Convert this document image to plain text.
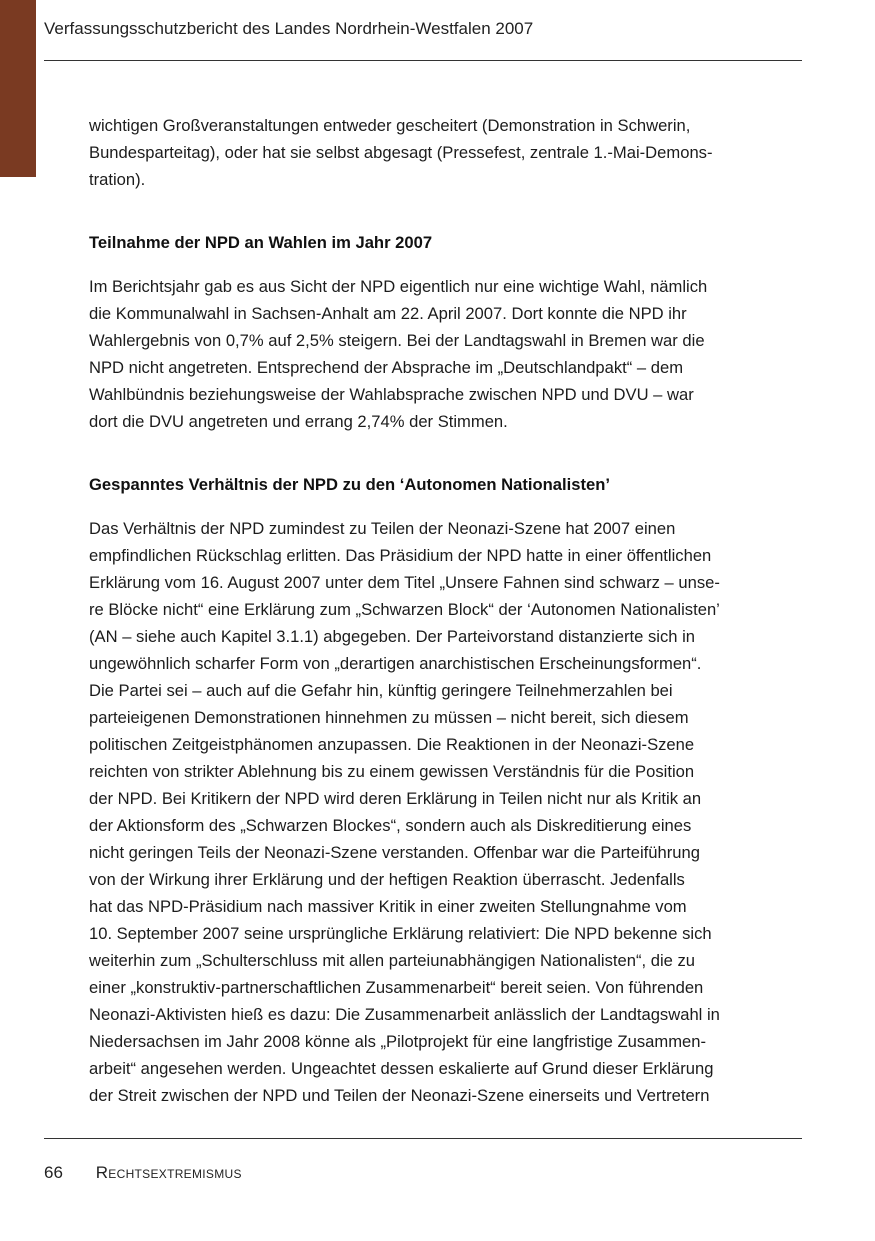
Verfassungsschutzbericht des Landes Nordrhein-Westfalen 2007

wichtigen Großveranstaltungen entweder gescheitert (Demonstration in Schwerin,
Bundesparteitag), oder hat sie selbst abgesagt (Pressefest, zentrale 1.-Mai-Demons-
tration).

Teilnahme der NPD an Wahlen im Jahr 2007

Im Berichtsjahr gab es aus Sicht der NPD eigentlich nur eine wichtige Wahl, nämlich
die Kommunalwahl in Sachsen-Anhalt am 22. April 2007. Dort konnte die NPD ihr
Wahlergebnis von 0,7% auf 2,5% steigern. Bei der Landtagswahl in Bremen war die
NPD nicht angetreten. Entsprechend der Absprache im „Deutschlandpakt“ – dem
Wahlbündnis beziehungsweise der Wahlabsprache zwischen NPD und DVU – war
dort die DVU angetreten und errang 2,74% der Stimmen.

Gespanntes Verhältnis der NPD zu den ‘Autonomen Nationalisten’

Das Verhältnis der NPD zumindest zu Teilen der Neonazi-Szene hat 2007 einen
empfindlichen Rückschlag erlitten. Das Präsidium der NPD hatte in einer öffentlichen
Erklärung vom 16. August 2007 unter dem Titel „Unsere Fahnen sind schwarz – unse-
re Blöcke nicht“ eine Erklärung zum „Schwarzen Block“ der ‘Autonomen Nationalisten’
(AN – siehe auch Kapitel 3.1.1) abgegeben. Der Parteivorstand distanzierte sich in
ungewöhnlich scharfer Form von „derartigen anarchistischen Erscheinungsformen“.
Die Partei sei – auch auf die Gefahr hin, künftig geringere Teilnehmerzahlen bei
parteieigenen Demonstrationen hinnehmen zu müssen – nicht bereit, sich diesem
politischen Zeitgeistphänomen anzupassen. Die Reaktionen in der Neonazi-Szene
reichten von strikter Ablehnung bis zu einem gewissen Verständnis für die Position
der NPD. Bei Kritikern der NPD wird deren Erklärung in Teilen nicht nur als Kritik an
der Aktionsform des „Schwarzen Blockes“, sondern auch als Diskreditierung eines
nicht geringen Teils der Neonazi-Szene verstanden. Offenbar war die Parteiführung
von der Wirkung ihrer Erklärung und der heftigen Reaktion überrascht. Jedenfalls
hat das NPD-Präsidium nach massiver Kritik in einer zweiten Stellungnahme vom
10. September 2007 seine ursprüngliche Erklärung relativiert: Die NPD bekenne sich
weiterhin zum „Schulterschluss mit allen parteiunabhängigen Nationalisten“, die zu
einer „konstruktiv-partnerschaftlichen Zusammenarbeit“ bereit seien. Von führenden
Neonazi-Aktivisten hieß es dazu: Die Zusammenarbeit anlässlich der Landtagswahl in
Niedersachsen im Jahr 2008 könne als „Pilotprojekt für eine langfristige Zusammen-
arbeit“ angesehen werden. Ungeachtet dessen eskalierte auf Grund dieser Erklärung
der Streit zwischen der NPD und Teilen der Neonazi-Szene einerseits und Vertretern

66 Rechtsextremismus
